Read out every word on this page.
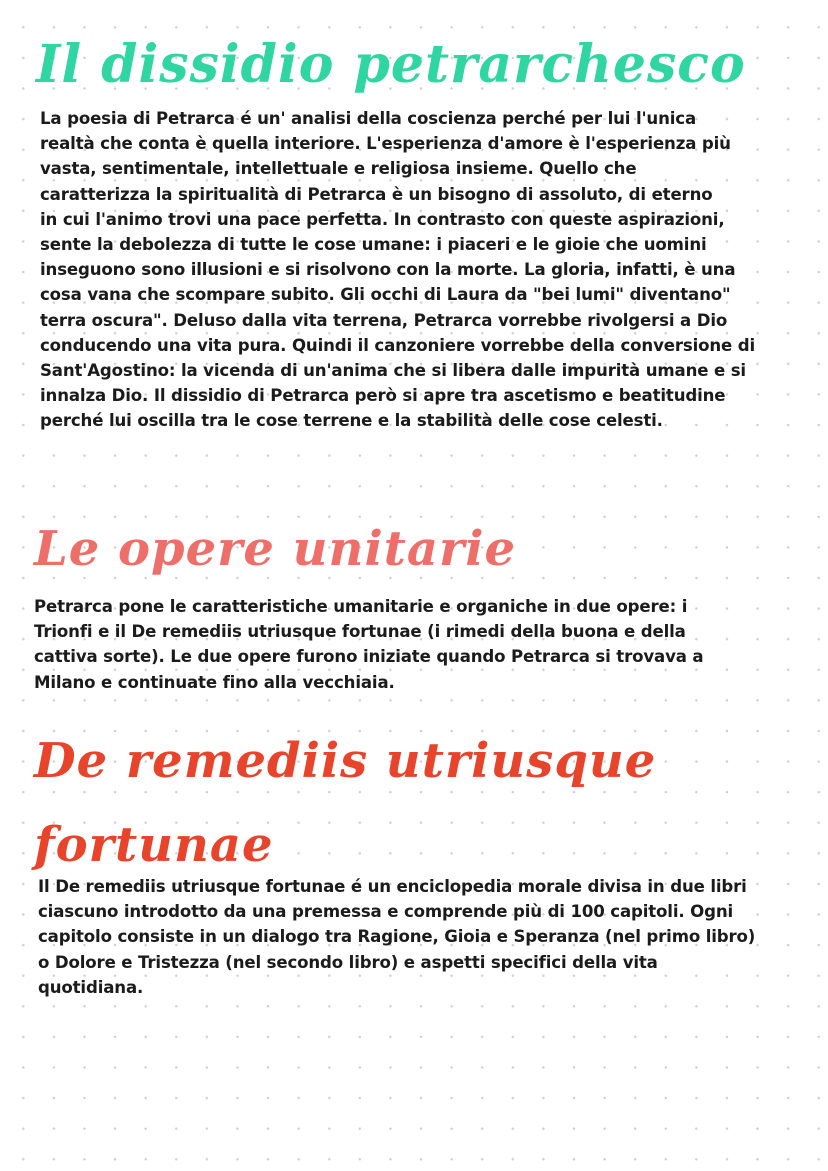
Il dissidio petrarchesco
La poesia di Petrarca é un' analisi della coscienza perché per lui l'unica
realtà che conta è quella interiore. L'esperienza d'amore è l'esperienza più
vasta, sentimentale, intellettuale e religiosa insieme. Quello che
caratterizza la spiritualità di Petrarca è un bisogno di assoluto, di eterno
in cui l'animo trovi una pace perfetta. In contrasto con queste aspirazioni,
sente la debolezza di tutte le cose umane: i piaceri e le gioie che uomini
inseguono sono illusioni e si risolvono con la morte. La gloria, infatti, è una
cosa vana che scompare subito. Gli occhi di Laura da "bei lumi" diventano"
terra oscura". Deluso dalla vita terrena, Petrarca vorrebbe rivolgersi a Dio
conducendo una vita pura. Quindi il canzoniere vorrebbe della conversione di
Sant'Agostino: la vicenda di un'anima che si libera dalle impurità umane e si
innalza Dio. Il dissidio di Petrarca però si apre tra ascetismo e beatitudine
perché lui oscilla tra le cose terrene e la stabilità delle cose celesti.
Le opere unitarie
Petrarca pone le caratteristiche umanitarie e organiche in due opere: i
Trionfi e il De remediis utriusque fortunae (i rimedi della buona e della
cattiva sorte). Le due opere furono iniziate quando Petrarca si trovava a
Milano e continuate fino alla vecchiaia.
De remediis utriusque
fortunae
Il De remediis utriusque fortunae é un enciclopedia morale divisa in due libri
ciascuno introdotto da una premessa e comprende più di 100 capitoli. Ogni
capitolo consiste in un dialogo tra Ragione, Gioia e Speranza (nel primo libro)
o Dolore e Tristezza (nel secondo libro) e aspetti specifici della vita
quotidiana.
